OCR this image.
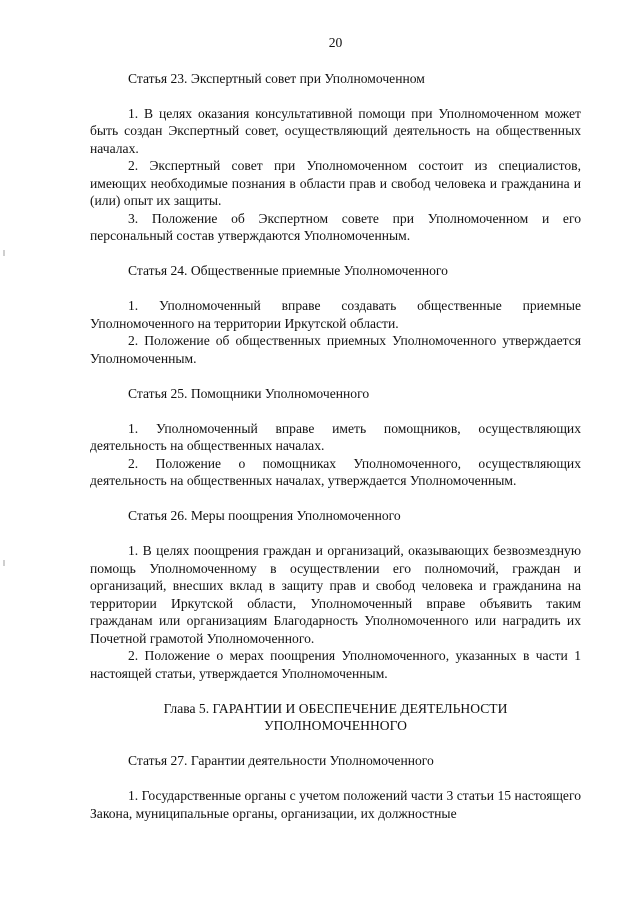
20

Статья 23. Экспертный совет при Уполномоченном

1. В целях оказания консультативной помощи при Уполномоченном может быть создан Экспертный совет, осуществляющий деятельность на общественных началах.

2. Экспертный совет при Уполномоченном состоит из специалистов, имеющих необходимые познания в области прав и свобод человека и гражданина и (или) опыт их защиты.

3. Положение об Экспертном совете при Уполномоченном и его персональный состав утверждаются Уполномоченным.

Статья 24. Общественные приемные Уполномоченного

1. Уполномоченный вправе создавать общественные приемные Уполномоченного на территории Иркутской области.

2. Положение об общественных приемных Уполномоченного утверждается Уполномоченным.

Статья 25. Помощники Уполномоченного

1. Уполномоченный вправе иметь помощников, осуществляющих деятельность на общественных началах.

2. Положение о помощниках Уполномоченного, осуществляющих деятельность на общественных началах, утверждается Уполномоченным.

Статья 26. Меры поощрения Уполномоченного

1. В целях поощрения граждан и организаций, оказывающих безвозмездную помощь Уполномоченному в осуществлении его полномочий, граждан и организаций, внесших вклад в защиту прав и свобод человека и гражданина на территории Иркутской области, Уполномоченный вправе объявить таким гражданам или организациям Благодарность Уполномоченного или наградить их Почетной грамотой Уполномоченного.

2. Положение о мерах поощрения Уполномоченного, указанных в части 1 настоящей статьи, утверждается Уполномоченным.

Глава 5. ГАРАНТИИ И ОБЕСПЕЧЕНИЕ ДЕЯТЕЛЬНОСТИ

УПОЛНОМОЧЕННОГО

Статья 27. Гарантии деятельности Уполномоченного

1. Государственные органы с учетом положений части 3 статьи 15 настоящего Закона, муниципальные органы, организации, их должностные
